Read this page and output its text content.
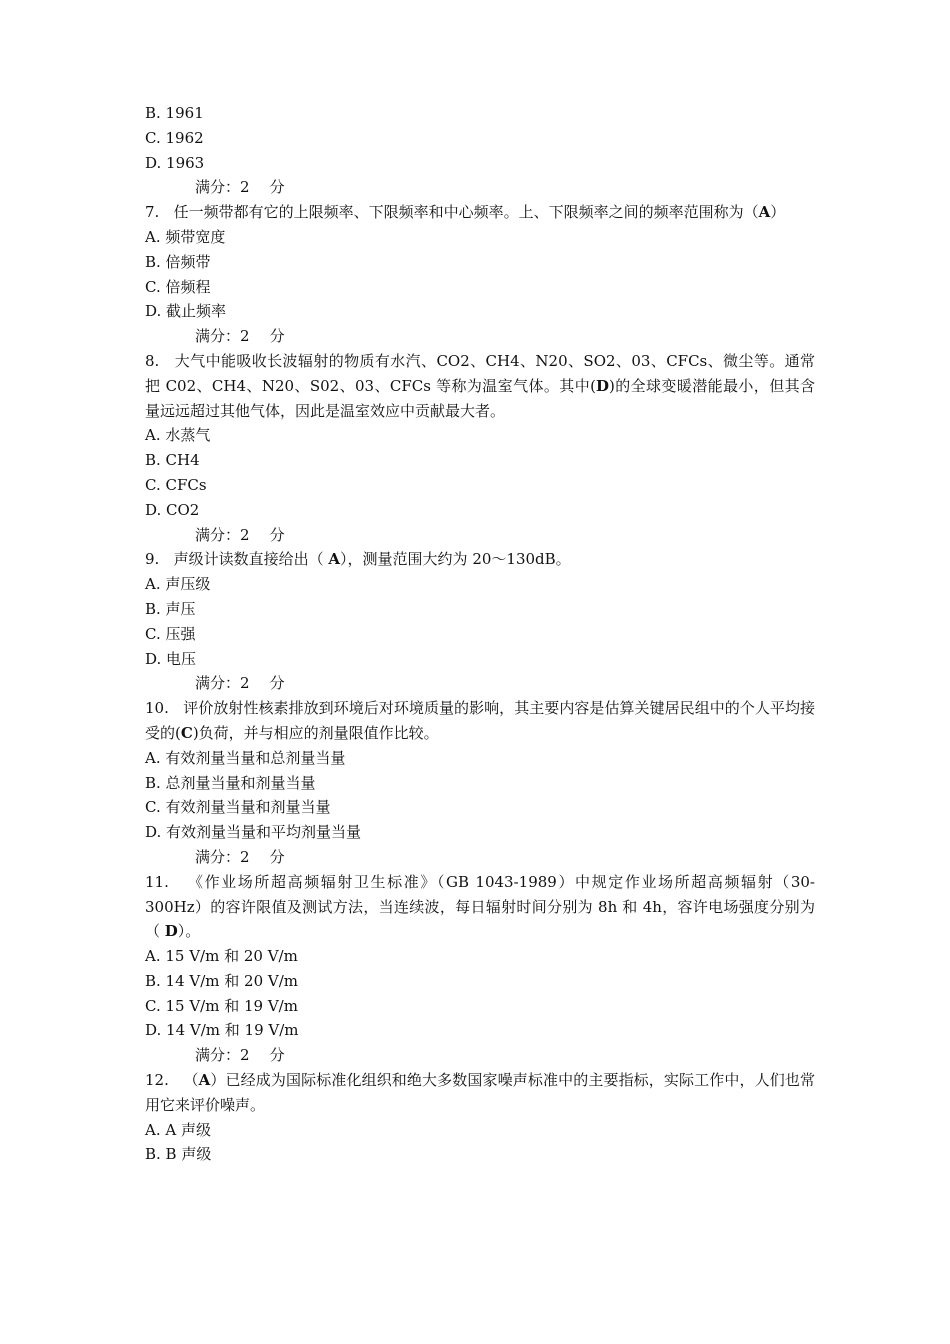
B. 1961
C. 1962
D. 1963
满分：2 分
7. 任一频带都有它的上限频率、下限频率和中心频率。上、下限频率之间的频率范围称为（A）
A. 频带宽度
B. 倍频带
C. 倍频程
D. 截止频率
满分：2 分
8. 大气中能吸收长波辐射的物质有水汽、CO2、CH4、N20、SO2、03、CFCs、微尘等。通常把 C02、CH4、N20、S02、03、CFCs 等称为温室气体。其中(D)的全球变暖潜能最小，但其含量远远超过其他气体，因此是温室效应中贡献最大者。
A. 水蒸气
B. CH4
C. CFCs
D. CO2
满分：2 分
9. 声级计读数直接给出（ A），测量范围大约为 20～130dB。
A. 声压级
B. 声压
C. 压强
D. 电压
满分：2 分
10. 评价放射性核素排放到环境后对环境质量的影响，其主要内容是估算关键居民组中的个人平均接受的(C)负荷，并与相应的剂量限值作比较。
A. 有效剂量当量和总剂量当量
B. 总剂量当量和剂量当量
C. 有效剂量当量和剂量当量
D. 有效剂量当量和平均剂量当量
满分：2 分
11. 《作业场所超高频辐射卫生标准》（GB 1043-1989）中规定作业场所超高频辐射（30-300Hz）的容许限值及测试方法，当连续波，每日辐射时间分别为 8h 和 4h，容许电场强度分别为（ D）。
A. 15 V/m 和 20 V/m
B. 14 V/m 和 20 V/m
C. 15 V/m 和 19 V/m
D. 14 V/m 和 19 V/m
满分：2 分
12. （A）已经成为国际标准化组织和绝大多数国家噪声标准中的主要指标，实际工作中，人们也常用它来评价噪声。
A. A 声级
B. B 声级
